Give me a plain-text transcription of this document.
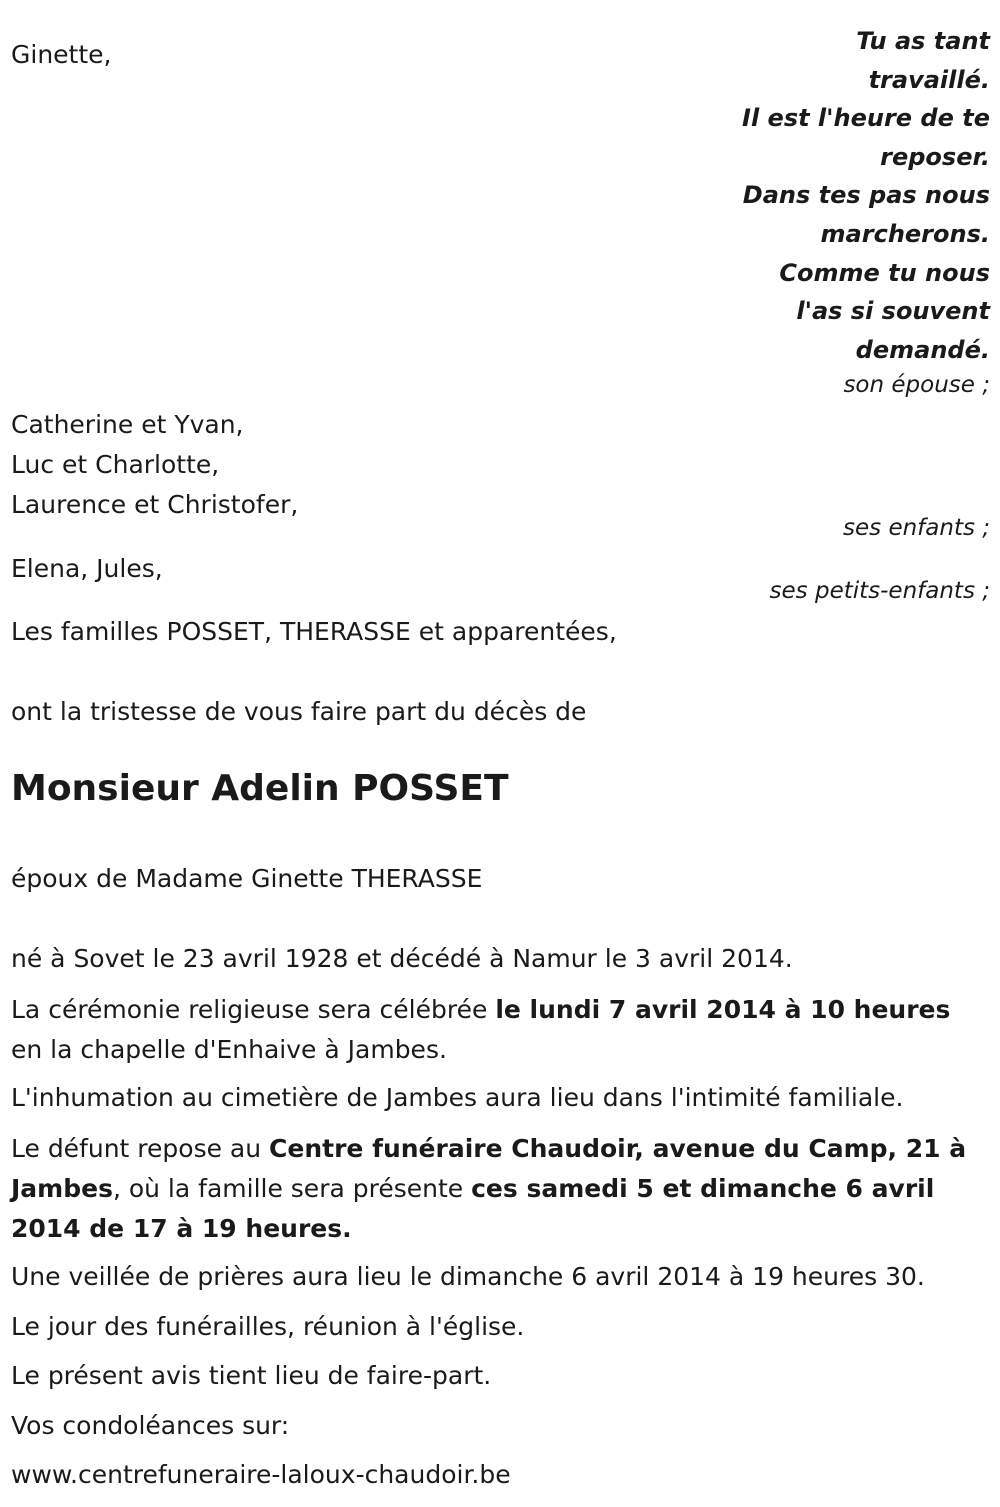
Ginette,	Tu as tant
travaillé.
Il est l'heure de te
reposer.
Dans tes pas nous
marcherons.
Comme tu nous
l'as si souvent
demandé.
son épouse ;
Catherine et Yvan,
Luc et Charlotte,
Laurence et Christofer,
ses enfants ;
Elena, Jules,
ses petits-enfants ;
Les familles POSSET, THERASSE et apparentées,
ont la tristesse de vous faire part du décès de
Monsieur Adelin POSSET
époux de Madame Ginette THERASSE
né à Sovet le 23 avril 1928 et décédé à Namur le 3 avril 2014.
La cérémonie religieuse sera célébrée le lundi 7 avril 2014 à 10 heures en la chapelle d'Enhaive à Jambes.
L'inhumation au cimetière de Jambes aura lieu dans l'intimité familiale.
Le défunt repose au Centre funéraire Chaudoir, avenue du Camp, 21 à Jambes, où la famille sera présente ces samedi 5 et dimanche 6 avril 2014 de 17 à 19 heures.
Une veillée de prières aura lieu le dimanche 6 avril 2014 à 19 heures 30.
Le jour des funérailles, réunion à l'église.
Le présent avis tient lieu de faire-part.
Vos condoléances sur:
www.centrefuneraire-laloux-chaudoir.be
